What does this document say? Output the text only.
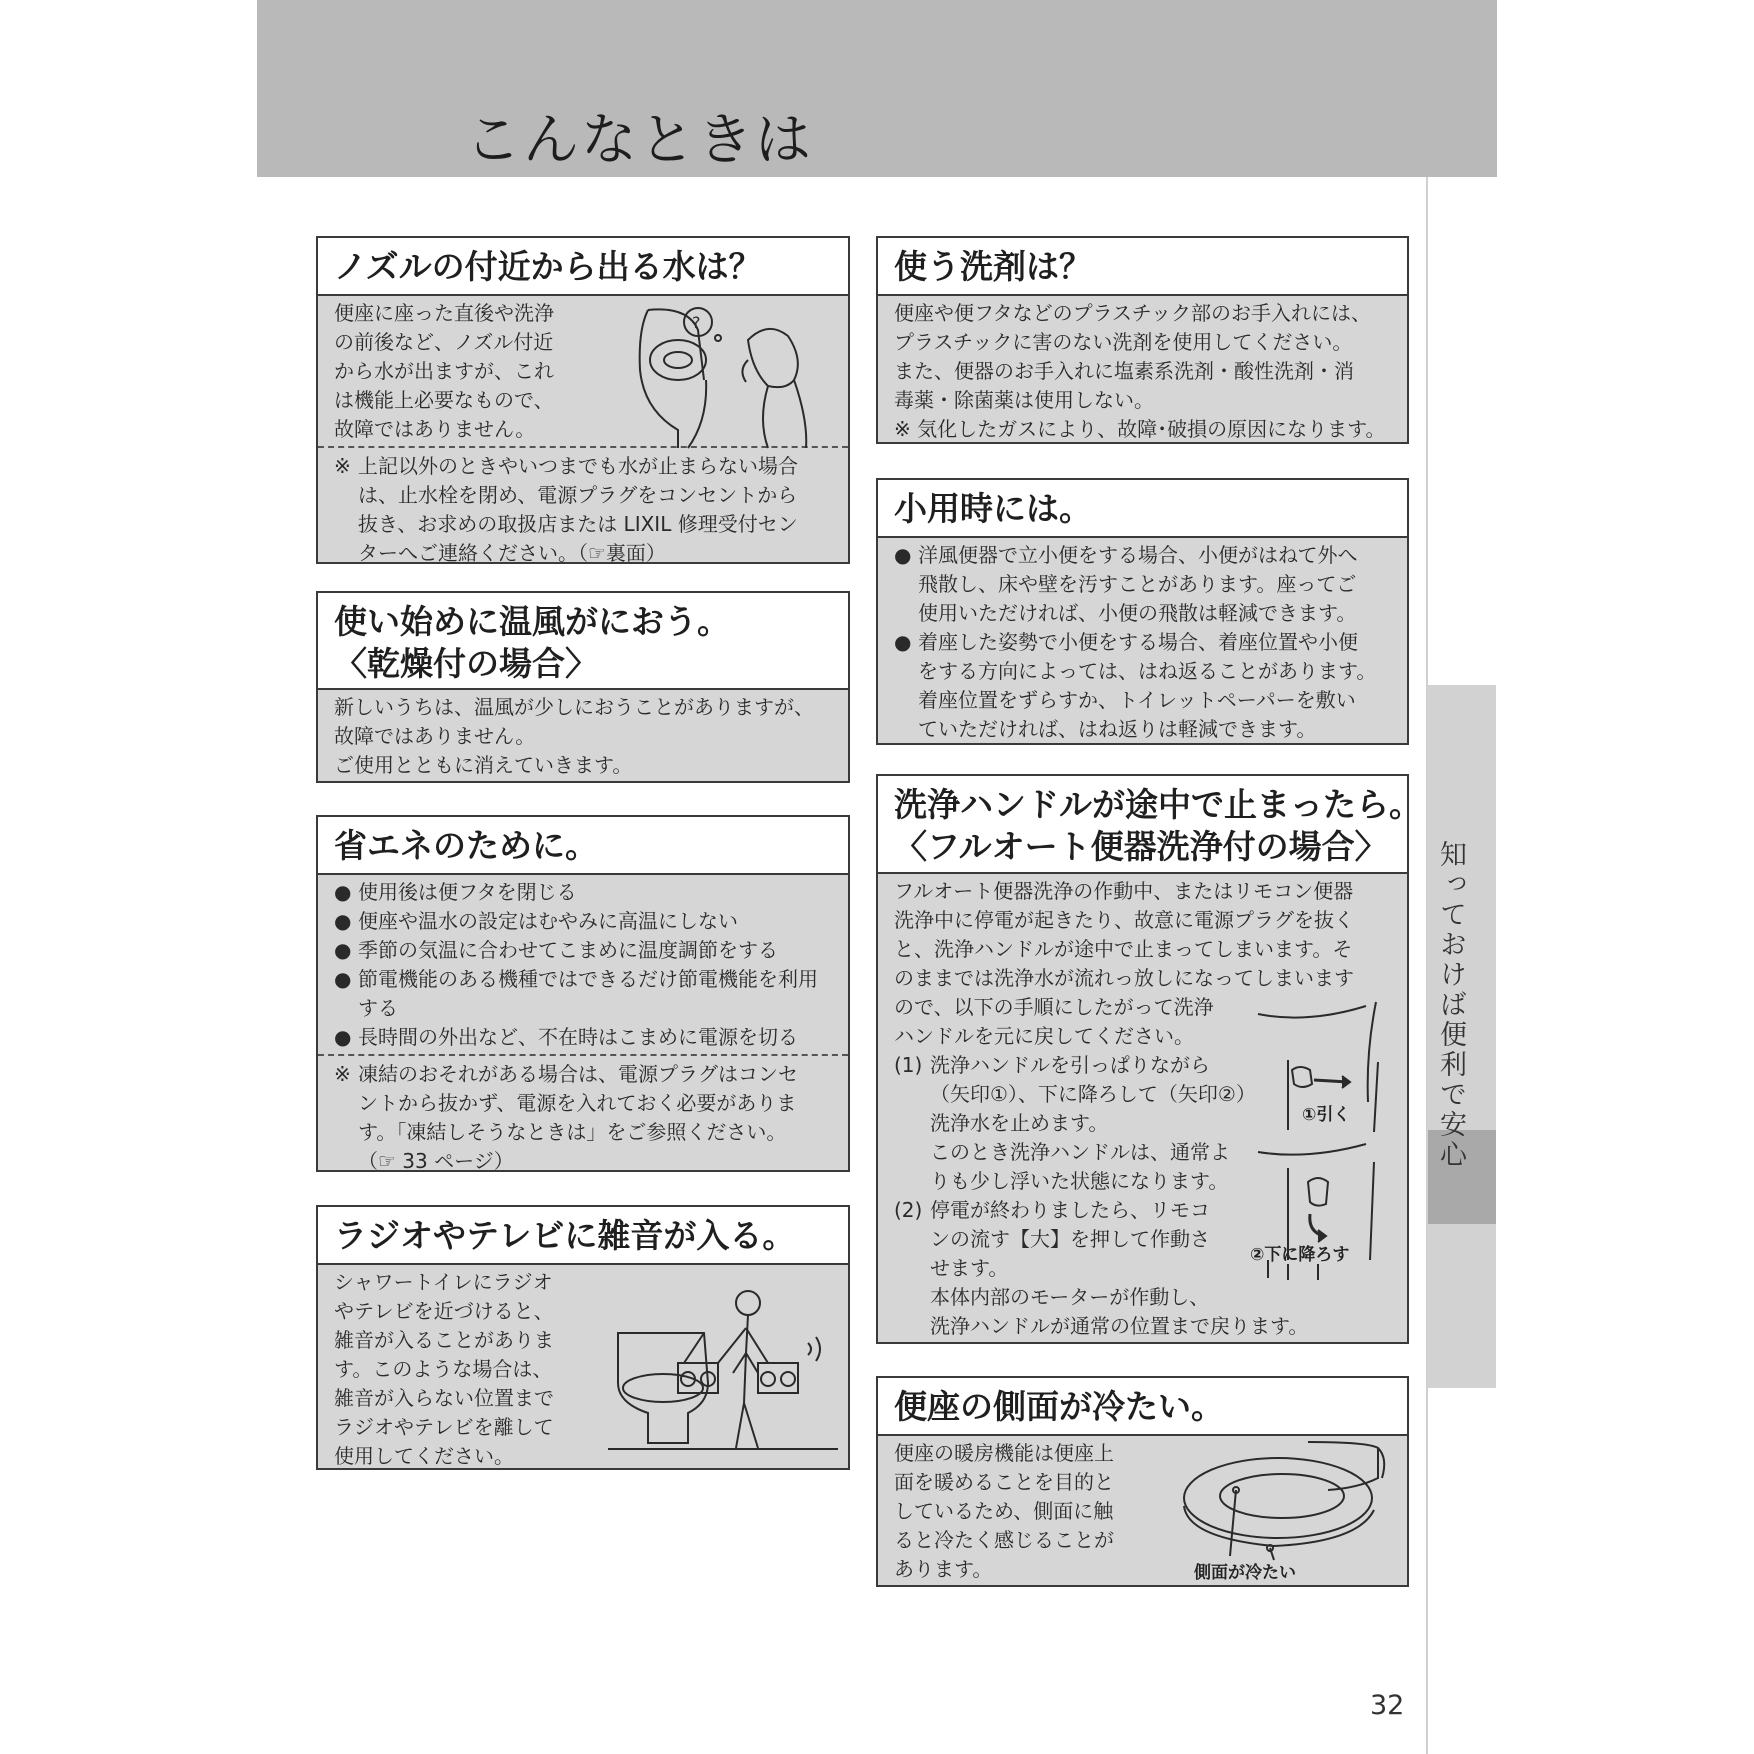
こんなときは
知っておけば便利で安心
ノズルの付近から出る水は？
便座に座った直後や洗浄
の前後など、ノズル付近
から水が出ますが、これ
は機能上必要なもので、
故障ではありません。
※ 上記以外のときやいつまでも水が止まらない場合
は、止水栓を閉め、電源プラグをコンセントから
抜き、お求めの取扱店または LIXIL 修理受付セン
ターへご連絡ください。（☞裏面）
?
使い始めに温風がにおう。
〈乾燥付の場合〉
新しいうちは、温風が少しにおうことがありますが、
故障ではありません。
ご使用とともに消えていきます。
省エネのために。
● 使用後は便フタを閉じる
● 便座や温水の設定はむやみに高温にしない
● 季節の気温に合わせてこまめに温度調節をする
● 節電機能のある機種ではできるだけ節電機能を利用する
● 長時間の外出など、不在時はこまめに電源を切る
※ 凍結のおそれがある場合は、電源プラグはコンセ
ントから抜かず、電源を入れておく必要がありま
す。「凍結しそうなときは」をご参照ください。
（☞ 33 ページ）
ラジオやテレビに雑音が入る。
シャワートイレにラジオ
やテレビを近づけると、
雑音が入ることがありま
す。このような場合は、
雑音が入らない位置まで
ラジオやテレビを離して
使用してください。
使う洗剤は？
便座や便フタなどのプラスチック部のお手入れには、
プラスチックに害のない洗剤を使用してください。
また、便器のお手入れに塩素系洗剤・酸性洗剤・消
毒薬・除菌薬は使用しない。
※ 気化したガスにより、故障･破損の原因になります。
小用時には。
● 洋風便器で立小便をする場合、小便がはねて外へ
飛散し、床や壁を汚すことがあります。座ってご
使用いただければ、小便の飛散は軽減できます。
● 着座した姿勢で小便をする場合、着座位置や小便
をする方向によっては、はね返ることがあります。
着座位置をずらすか、トイレットペーパーを敷い
ていただければ、はね返りは軽減できます。
洗浄ハンドルが途中で止まったら。
〈フルオート便器洗浄付の場合〉
フルオート便器洗浄の作動中、またはリモコン便器
洗浄中に停電が起きたり、故意に電源プラグを抜く
と、洗浄ハンドルが途中で止まってしまいます。そ
のままでは洗浄水が流れっ放しになってしまいます
ので、以下の手順にしたがって洗浄
ハンドルを元に戻してください。
(1) 洗浄ハンドルを引っぱりながら
（矢印①）、下に降ろして（矢印②）
洗浄水を止めます。
このとき洗浄ハンドルは、通常よ
りも少し浮いた状態になります。
(2) 停電が終わりましたら、リモコ
ンの流す【大】を押して作動さ
せます。
本体内部のモーターが作動し、
洗浄ハンドルが通常の位置まで戻ります。
①引く
②下に降ろす
便座の側面が冷たい。
便座の暖房機能は便座上
面を暖めることを目的と
しているため、側面に触
ると冷たく感じることが
あります。	側面が冷たい
32
